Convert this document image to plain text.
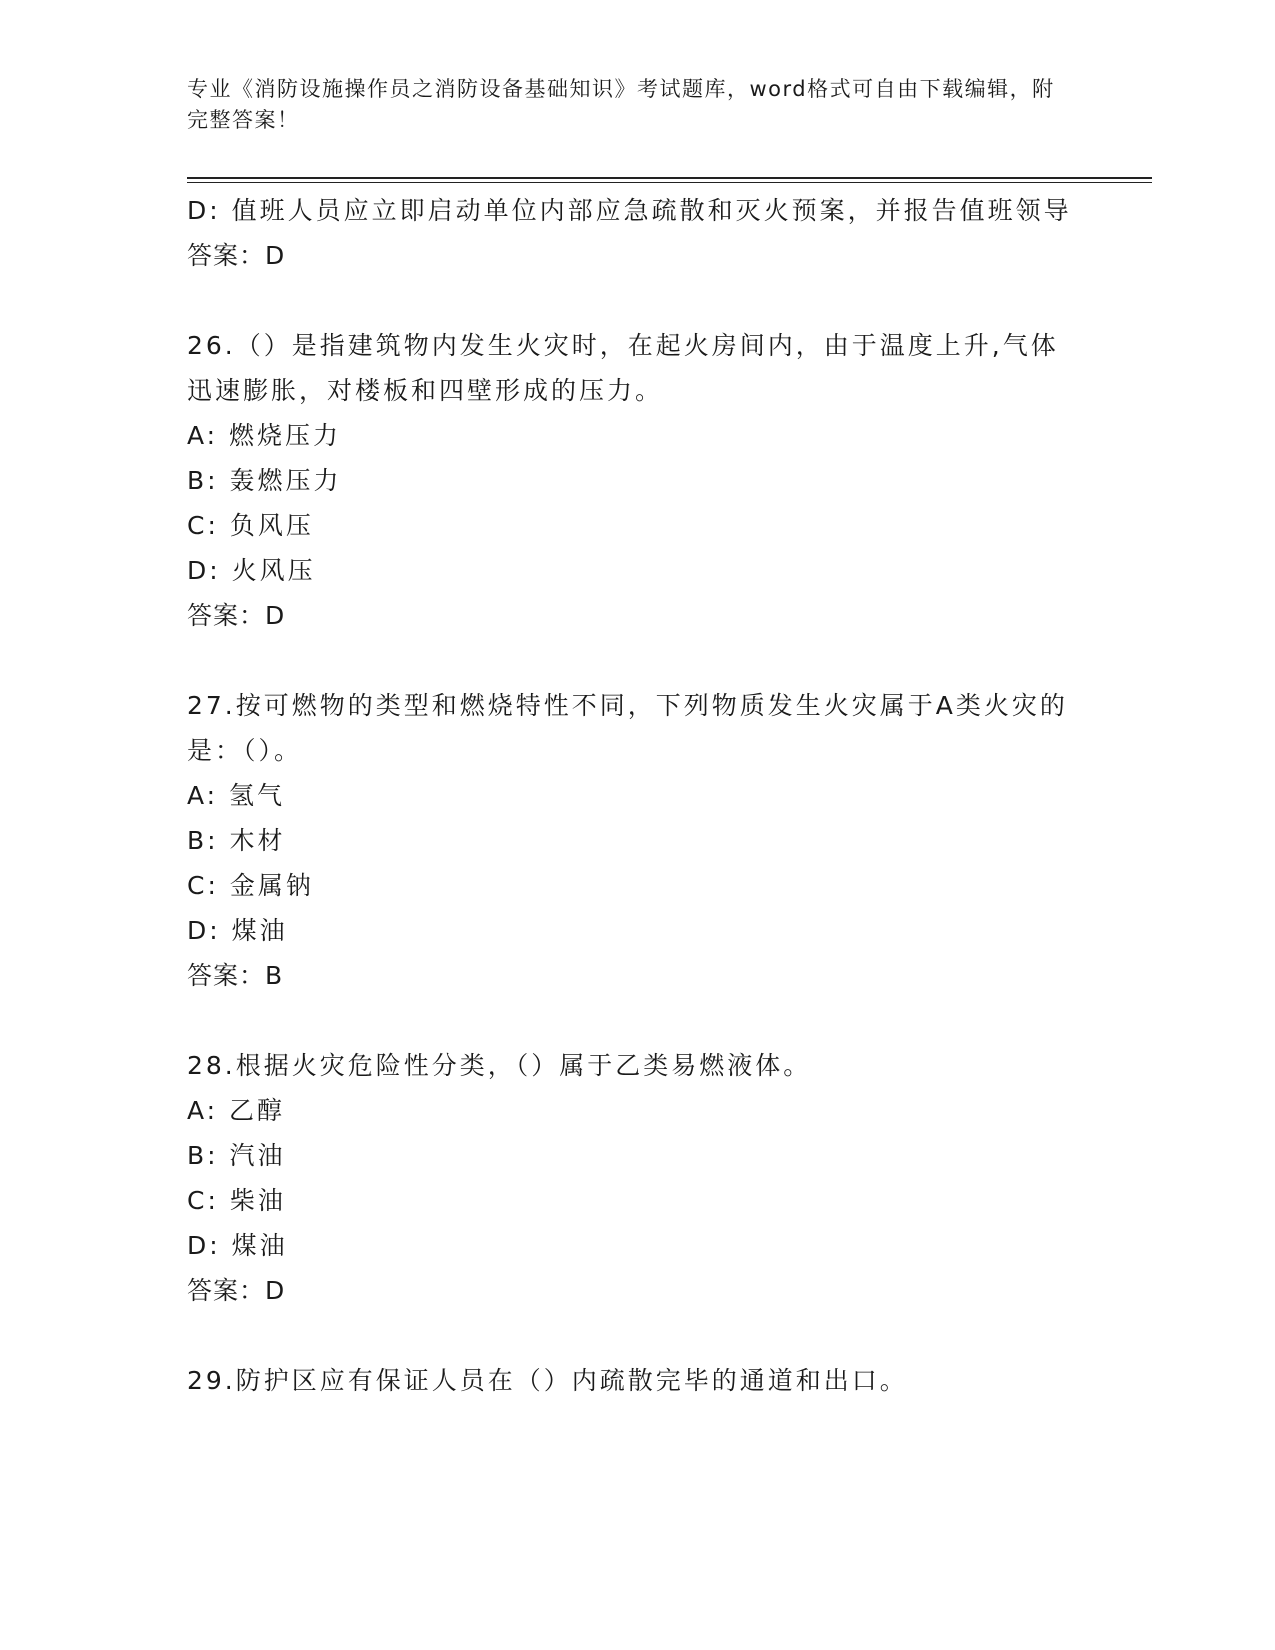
专业《消防设施操作员之消防设备基础知识》考试题库，word格式可自由下载编辑，附完整答案！
D: 值班人员应立即启动单位内部应急疏散和灭火预案，并报告值班领导
答案：D
26.（）是指建筑物内发生火灾时，在起火房间内，由于温度上升,气体迅速膨胀，对楼板和四壁形成的压力。
A: 燃烧压力
B: 轰燃压力
C: 负风压
D: 火风压
答案：D
27.按可燃物的类型和燃烧特性不同，下列物质发生火灾属于A类火灾的是：（）。
A: 氢气
B: 木材
C: 金属钠
D: 煤油
答案：B
28.根据火灾危险性分类，（）属于乙类易燃液体。
A: 乙醇
B: 汽油
C: 柴油
D: 煤油
答案：D
29.防护区应有保证人员在（）内疏散完毕的通道和出口。
